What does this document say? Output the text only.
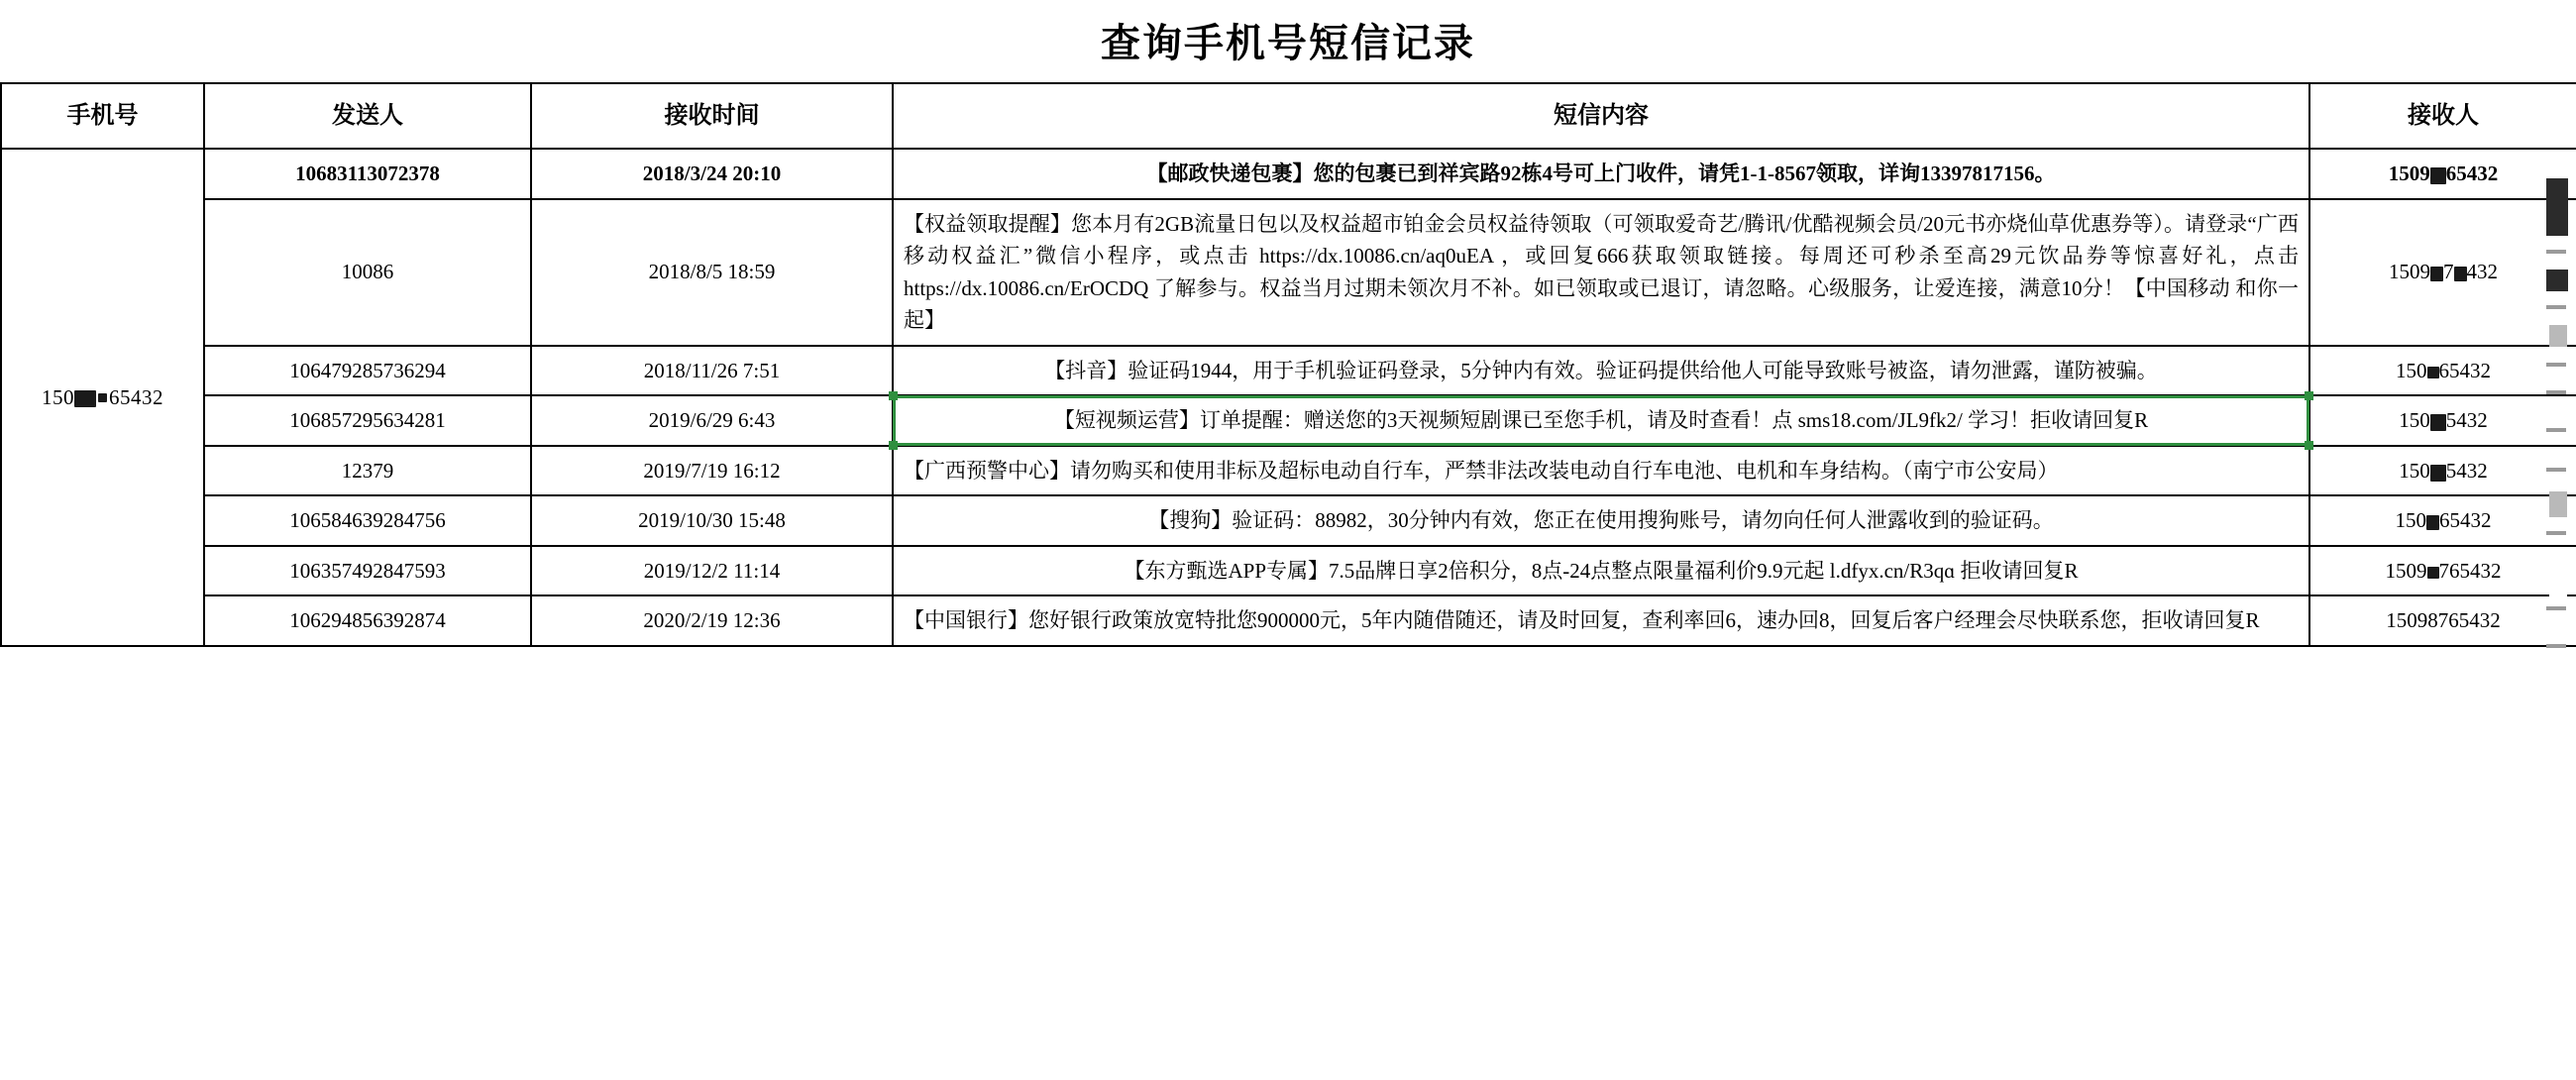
查询手机号短信记录
手机号	发送人	接收时间	短信内容	接收人
150 65432	10683113072378	2018/3/24 20:10	【邮政快递包裹】您的包裹已到祥宾路92栋4号可上门收件，请凭1-1-8567领取，详询13397817156。	1509 65432
	10086	2018/8/5 18:59	【权益领取提醒】您本月有2GB流量日包以及权益超市铂金会员权益待领取（可领取爱奇艺/腾讯/优酷视频会员/20元书亦烧仙草优惠券等）。请登录“广西移动权益汇”微信小程序，或点击 https://dx.10086.cn/aq0uEA ，或回复666获取领取链接。每周还可秒杀至高29元饮品券等惊喜好礼，点击 https://dx.10086.cn/ErOCDQ 了解参与。权益当月过期未领次月不补。如已领取或已退订，请忽略。心级服务，让爱连接，满意10分！【中国移动 和你一起】	1509 7 432
	106479285736294	2018/11/26 7:51	【抖音】验证码1944，用于手机验证码登录，5分钟内有效。验证码提供给他人可能导致账号被盗，请勿泄露，谨防被骗。	150 65432
	106857295634281	2019/6/29 6:43	【短视频运营】订单提醒：赠送您的3天视频短剧课已至您手机，请及时查看！点 sms18.com/JL9fk2/ 学习！拒收请回复R	150 5432
	12379	2019/7/19 16:12	【广西预警中心】请勿购买和使用非标及超标电动自行车，严禁非法改装电动自行车电池、电机和车身结构。（南宁市公安局）	150 5432
	106584639284756	2019/10/30 15:48	【搜狗】验证码：88982，30分钟内有效，您正在使用搜狗账号，请勿向任何人泄露收到的验证码。	150 65432
	106357492847593	2019/12/2 11:14	【东方甄选APP专属】7.5品牌日享2倍积分，8点-24点整点限量福利价9.9元起 l.dfyx.cn/R3qɑ 拒收请回复R	1509 765432
	106294856392874	2020/2/19 12:36	【中国银行】您好银行政策放宽特批您900000元，5年内随借随还，请及时回复，查利率回6，速办回8，回复后客户经理会尽快联系您，拒收请回复R	15098765432
